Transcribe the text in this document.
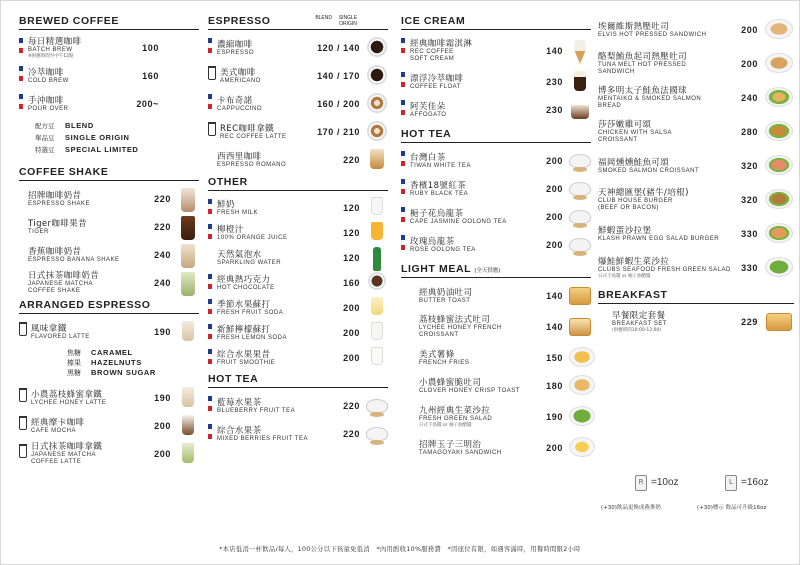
BREWED COFFEE
每日精選咖啡
BATCH BREW
※供應時間至中午12點
100
冷萃咖啡
COLD BREW	160
手沖咖啡
POUR OVER	200~
配方豆	BLEND
單品豆	SINGLE ORIGIN
特選豆	SPECIAL LIMITED
COFFEE SHAKE
招牌咖啡奶昔
ESPRESSO SHAKE	220
Tiger咖啡果昔
TIGER	220
香蕉咖啡奶昔
ESPRESSO BANANA SHAKE	240
日式抹茶咖啡奶昔
JAPANESE MATCHA
COFFEE SHAKE
240
ARRANGED ESPRESSO
風味拿鐵
FLAVORED LATTE	190
焦糖	CARAMEL
榛果	HAZELNUTS
黑糖	BROWN SUGAR
小農荔枝蜂蜜拿鐵
LYCHEE HONEY LATTE	190
經典摩卡咖啡
CAFE MOCHA	200
日式抹茶咖啡拿鐵
JAPANESE MATCHA
COFFEE LATTE
200
ESPRESSO	BLEND	SINGLE ORIGIN
濃縮咖啡
ESPRESSO	120 / 140
美式咖啡
AMERICANO	140 / 170
卡布奇諾
CAPPUCCINO	160 / 200
REC咖啡拿鐵
REC COFFEE LATTE	170 / 210
西西里咖啡
ESPRESSO ROMANO	220
OTHER
鮮奶
FRESH MILK	120
柳橙汁
100% ORANGE JUICE	120
天然氣泡水
SPARKLING WATER	120
經典熱巧克力
HOT CHOCOLATE	160
季節水果蘇打
FRESH FRUIT SODA	200
新鮮檸檬蘇打
FRESH LEMON SODA	200
綜合水果果昔
FRUIT SMOOTHIE	200
HOT TEA
藍莓水果茶
BLUEBERRY FRUIT TEA	220
綜合水果茶
MIXED BERRIES FRUIT TEA	220
ICE CREAM
經典咖啡霜淇淋
REC COFFEE
SOFT CREAM
140
漂浮冷萃咖啡
COFFEE FLOAT	230
阿芙佳朵
AFFOGATO	230
HOT TEA
台灣白茶
TIWAN WHITE TEA	200
香檳18號紅茶
RUBY BLACK TEA	200
梔子花烏龍茶
CAPE JASMINE OOLONG TEA	200
玫瑰烏龍茶
ROSE OOLONG TEA	200
LIGHT MEAL (全天供應)
經典奶油吐司
BUTTER TOAST	140
荔枝蜂蜜法式吐司
LYCHEE HONEY FRENCH
CROISSANT
140
美式薯條
FRENCH FRIES	150
小農蜂蜜脆吐司
CLOVER HONEY CRISP TOAST	180
九州經典生菜沙拉
FRESH GREEN SALAD
日式千島醬 or 柚子油醋醬
190
招牌玉子三明治
TAMAGOYAKI SANDWICH	200
埃爾維斯熱壓吐司
ELVIS HOT PRESSED SANDWICH	200
酪梨鮪魚起司熱壓吐司
TUNA MELT HOT PRESSED
SANDWICH
200
博多明太子鮭魚法國球
MENTAIKO & SMOKED SALMON
BREAD
240
莎莎嫩雞可頌
CHICKEN WITH SALSA
CROISSANT
280
福岡燻燻鮭魚可頌
SMOKED SALMON CROISSANT	320
天神總匯堡(豬牛/培根)
CLUB HOUSE BURGER
(BEEF OR BACON)
320
鮮蝦蛋沙拉堡
KLASH PRAWN EGG SALAD BURGER	330
爆鮭鮮蝦生菜沙拉
CLUBS SEAFOOD FRESH GREEN SALAD
日式千島醬 or 柚子油醋醬
330
BREAKFAST
早餐限定套餐
BREAKFAST SET
(供應時間10:00-12:00)
229
R =10oz	L =16oz
(+30)飲品更換成燕麥奶	(+30)標示 飲品可升級16oz
*本店低消一杯飲品/每人，100公分以下孩童免低消　*內用酌收10%服務費　*因座位有限，如遇客滿時，用餐時間限2小時
